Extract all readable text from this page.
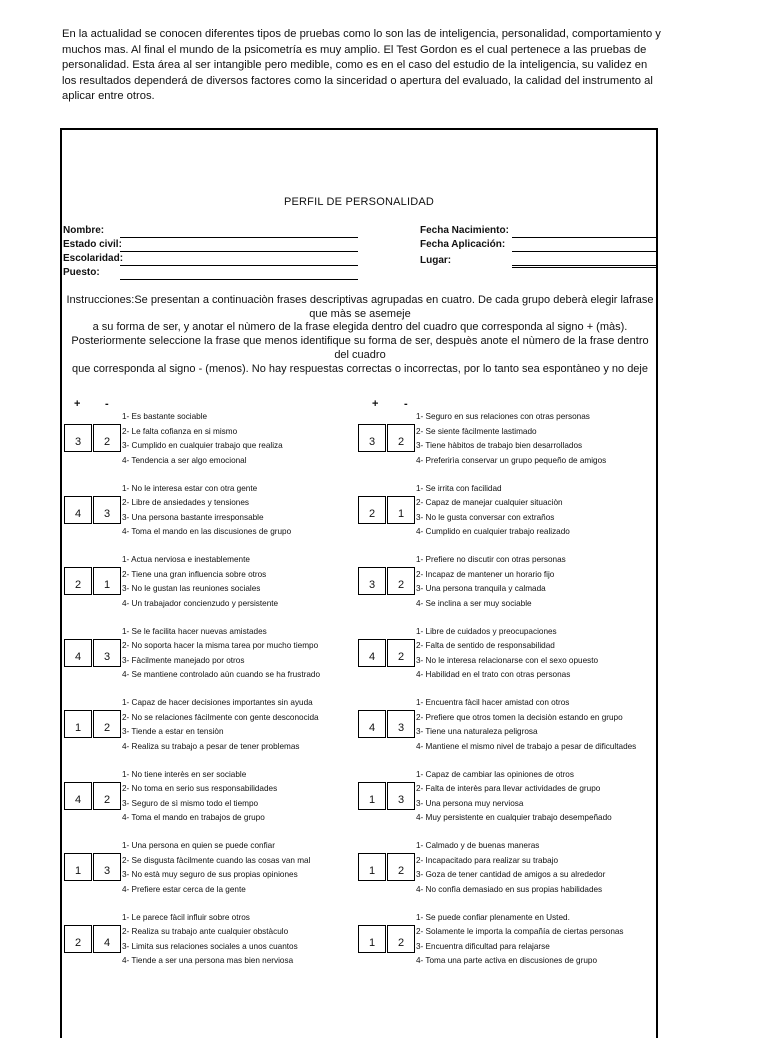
En la actualidad se conocen diferentes tipos de pruebas como lo son las de inteligencia, personalidad, comportamiento y muchos mas. Al final el mundo de la psicometría es muy amplio. El Test Gordon es el cual pertenece a las pruebas de personalidad. Esta área al ser intangible pero medible, como es en el caso del estudio de la inteligencia, su validez en los resultados dependerá de diversos factores como la sinceridad o apertura del evaluado, la calidad del instrumento al aplicar entre otros.
PERFIL DE PERSONALIDAD
Nombre:
Estado civil:
Escolaridad:
Puesto:
Fecha Nacimiento:
Fecha Aplicación:
Lugar:
Instrucciones:Se presentan a continuaciòn frases descriptivas agrupadas en cuatro. De cada grupo deberà elegir lafrase
que màs se asemeje
a su forma de ser, y anotar el nùmero de la frase elegida dentro del cuadro que corresponda al signo + (màs).
Posteriormente seleccione la frase que menos identifique su forma de ser, despuès anote el nùmero de la frase dentro
del cuadro
que corresponda al signo - (menos). No hay respuestas correctas o incorrectas, por lo tanto sea espontàneo y no deje
+ -	+ -
3	2
1- Es bastante sociable
2- Le falta cofianza en si mismo
3- Cumplido en cualquier trabajo que realiza
4- Tendencia a ser algo emocional
4	3
1- No le interesa estar con otra gente
2- Libre de ansiedades y tensiones
3- Una persona bastante irresponsable
4- Toma el mando en las discusiones de grupo
2	1
1- Actua nerviosa e inestablemente
2- Tiene una gran influencia sobre otros
3- No le gustan las reuniones sociales
4- Un trabajador concienzudo y persistente
4	3
1- Se le facilita hacer nuevas amistades
2- No soporta hacer la misma tarea por mucho tiempo
3- Fàcilmente manejado por otros
4- Se mantiene controlado aùn cuando se ha frustrado
1	2
1- Capaz de hacer decisiones importantes sin ayuda
2- No se relaciones fàcilmente con gente desconocida
3- Tiende a estar en tensiòn
4- Realiza su trabajo a pesar de tener problemas
4	2
1- No tiene interès en ser sociable
2- No toma en serio sus responsabilidades
3- Seguro de sì mismo todo el tiempo
4- Toma el mando en trabajos de grupo
1	3
1- Una persona en quien se puede confiar
2- Se disgusta fàcilmente cuando las cosas van mal
3- No està muy seguro de sus propias opiniones
4- Prefiere estar cerca de la gente
2	4
1- Le parece fàcil influir sobre otros
2- Realiza su trabajo ante cualquier obstàculo
3- Limita sus relaciones sociales a unos cuantos
4- Tiende a ser una persona mas bien nerviosa
3	2
1- Seguro en sus relaciones con otras personas
2- Se siente fàcilmente lastimado
3- Tiene hàbitos de trabajo bien desarrollados
4- Preferirìa conservar un grupo pequeño de amigos
2	1
1- Se irrita con facilidad
2- Capaz de manejar cualquier situaciòn
3- No le gusta conversar con extraños
4- Cumplido en cualquier trabajo realizado
3	2
1- Prefiere no discutir con otras personas
2- Incapaz de mantener un horario fijo
3- Una persona tranquila y calmada
4- Se inclina a ser muy sociable
4	2
1- Libre de cuidados y preocupaciones
2- Falta de sentido de responsabilidad
3- No le interesa relacionarse con el sexo opuesto
4- Habilidad en el trato con otras personas
4	3
1- Encuentra fàcil hacer amistad con otros
2- Prefiere que otros tomen la decisiòn estando en grupo
3- Tiene una naturaleza peligrosa
4- Mantiene el mismo nivel de trabajo a pesar de dificultades
1	3
1- Capaz de cambiar las opiniones de otros
2- Falta de interès para llevar actividades de grupo
3- Una persona muy nerviosa
4- Muy persistente en cualquier trabajo desempeñado
1	2
1- Calmado y de buenas maneras
2- Incapacitado para realizar su trabajo
3- Goza de tener cantidad de amigos a su alrededor
4- No confìa demasiado en sus propias habilidades
1	2
1- Se puede confiar plenamente en Usted.
2- Solamente le importa la compañía de ciertas personas
3- Encuentra dificultad para relajarse
4- Toma una parte activa en discusiones de grupo
